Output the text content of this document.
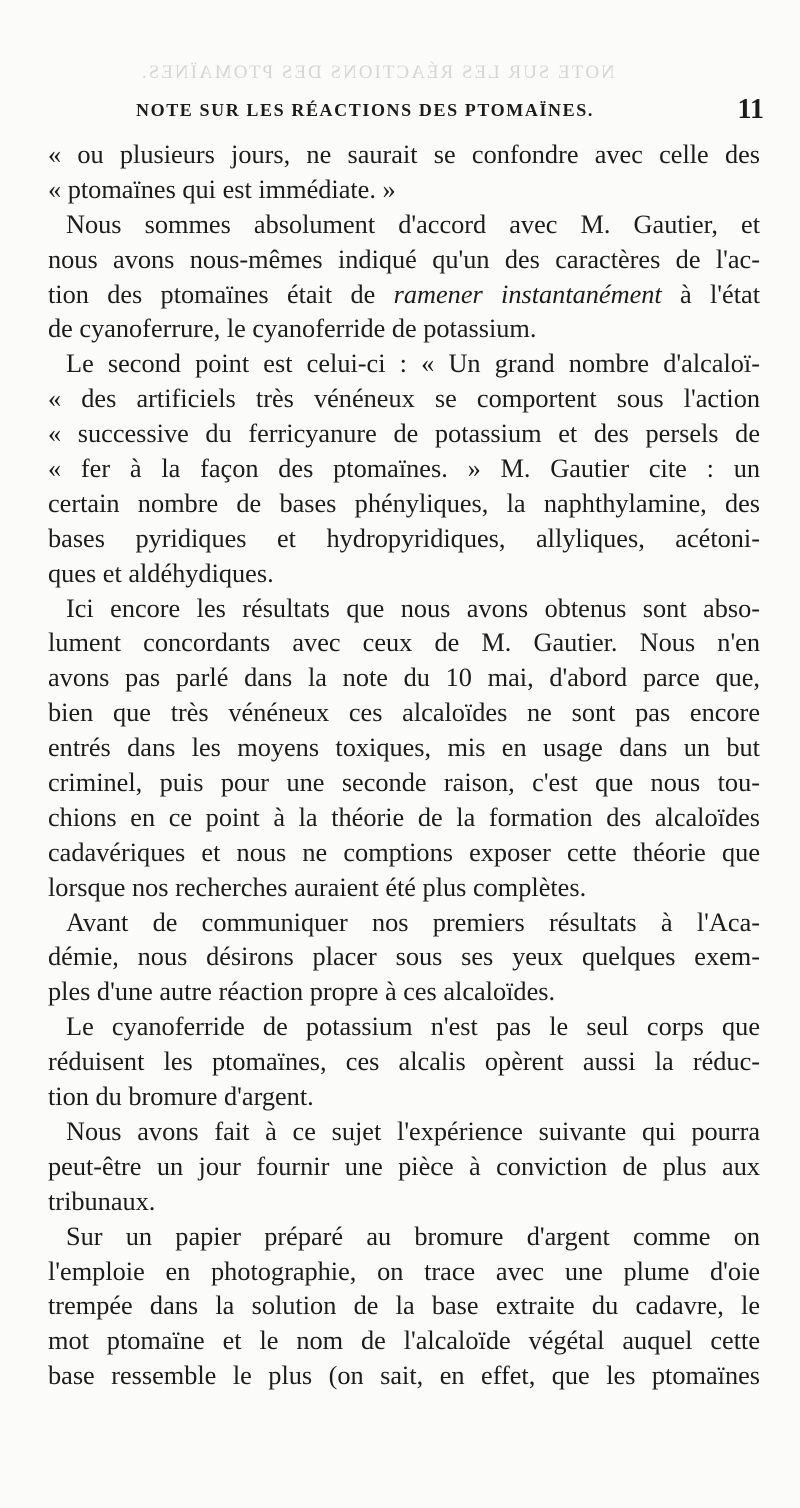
NOTE SUR LES RÉACTIONS DES PTOMAÏNES.
NOTE SUR LES RÉACTIONS DES PTOMAÏNES.	11
« ou plusieurs jours, ne saurait se confondre avec celle des
« ptomaïnes qui est immédiate. »
Nous sommes absolument d'accord avec M. Gautier, et
nous avons nous-mêmes indiqué qu'un des caractères de l'ac-
tion des ptomaïnes était de ramener instantanément à l'état
de cyanoferrure, le cyanoferride de potassium.
Le second point est celui-ci : « Un grand nombre d'alcaloï-
« des artificiels très vénéneux se comportent sous l'action
« successive du ferricyanure de potassium et des persels de
« fer à la façon des ptomaïnes. » M. Gautier cite : un
certain nombre de bases phényliques, la naphthylamine, des
bases pyridiques et hydropyridiques, allyliques, acétoni-
ques et aldéhydiques.
Ici encore les résultats que nous avons obtenus sont abso-
lument concordants avec ceux de M. Gautier. Nous n'en
avons pas parlé dans la note du 10 mai, d'abord parce que,
bien que très vénéneux ces alcaloïdes ne sont pas encore
entrés dans les moyens toxiques, mis en usage dans un but
criminel, puis pour une seconde raison, c'est que nous tou-
chions en ce point à la théorie de la formation des alcaloïdes
cadavériques et nous ne comptions exposer cette théorie que
lorsque nos recherches auraient été plus complètes.
Avant de communiquer nos premiers résultats à l'Aca-
démie, nous désirons placer sous ses yeux quelques exem-
ples d'une autre réaction propre à ces alcaloïdes.
Le cyanoferride de potassium n'est pas le seul corps que
réduisent les ptomaïnes, ces alcalis opèrent aussi la réduc-
tion du bromure d'argent.
Nous avons fait à ce sujet l'expérience suivante qui pourra
peut-être un jour fournir une pièce à conviction de plus aux
tribunaux.
Sur un papier préparé au bromure d'argent comme on
l'emploie en photographie, on trace avec une plume d'oie
trempée dans la solution de la base extraite du cadavre, le
mot ptomaïne et le nom de l'alcaloïde végétal auquel cette
base ressemble le plus (on sait, en effet, que les ptomaïnes
